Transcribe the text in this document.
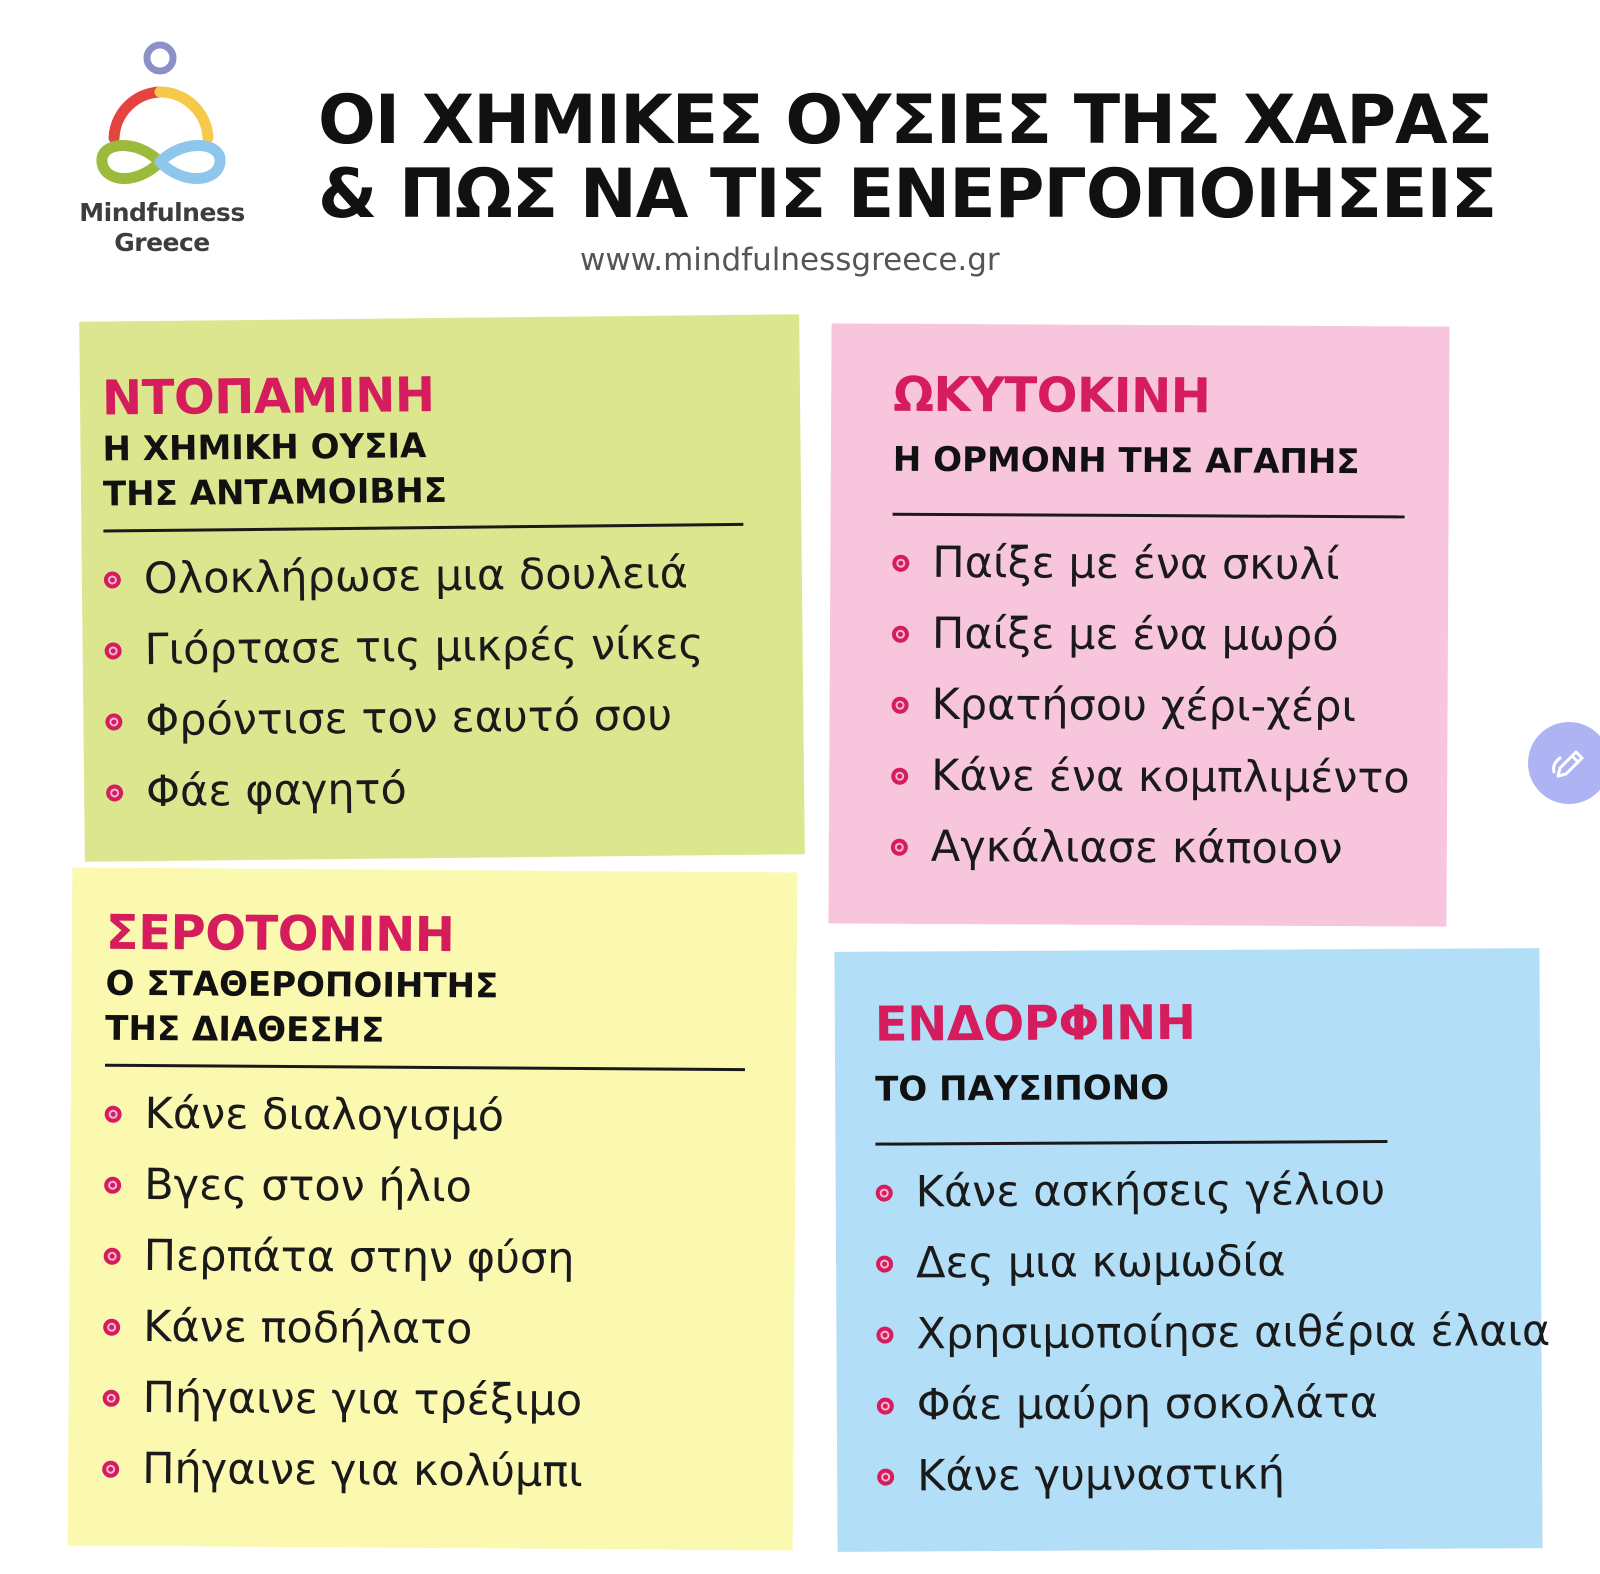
Mindfulness
Greece
ΟΙ ΧΗΜΙΚΕΣ ΟΥΣΙΕΣ ΤΗΣ ΧΑΡΑΣ
& ΠΩΣ ΝΑ ΤΙΣ ΕΝΕΡΓΟΠΟΙΗΣΕΙΣ
www.mindfulnessgreece.gr
ΝΤΟΠΑΜΙΝΗ
Η ΧΗΜΙΚΗ ΟΥΣΙΑ
ΤΗΣ ΑΝΤΑΜΟΙΒΗΣ
Ολοκλήρωσε μια δουλειά
Γιόρτασε τις μικρές νίκες
Φρόντισε τον εαυτό σου
Φάε φαγητό
ΩΚΥΤΟΚΙΝΗ
Η ΟΡΜΟΝΗ ΤΗΣ ΑΓΑΠΗΣ
Παίξε με ένα σκυλί
Παίξε με ένα μωρό
Κρατήσου χέρι-χέρι
Κάνε ένα κομπλιμέντο
Αγκάλιασε κάποιον
ΣΕΡΟΤΟΝΙΝΗ
Ο ΣΤΑΘΕΡΟΠΟΙΗΤΗΣ
ΤΗΣ ΔΙΑΘΕΣΗΣ
Κάνε διαλογισμό
Βγες στον ήλιο
Περπάτα στην φύση
Κάνε ποδήλατο
Πήγαινε για τρέξιμο
Πήγαινε για κολύμπι
ΕΝΔΟΡΦΙΝΗ
ΤΟ ΠΑΥΣΙΠΟΝΟ
Κάνε ασκήσεις γέλιου
Δες μια κωμωδία
Χρησιμοποίησε αιθέρια έλαια
Φάε μαύρη σοκολάτα
Κάνε γυμναστική
